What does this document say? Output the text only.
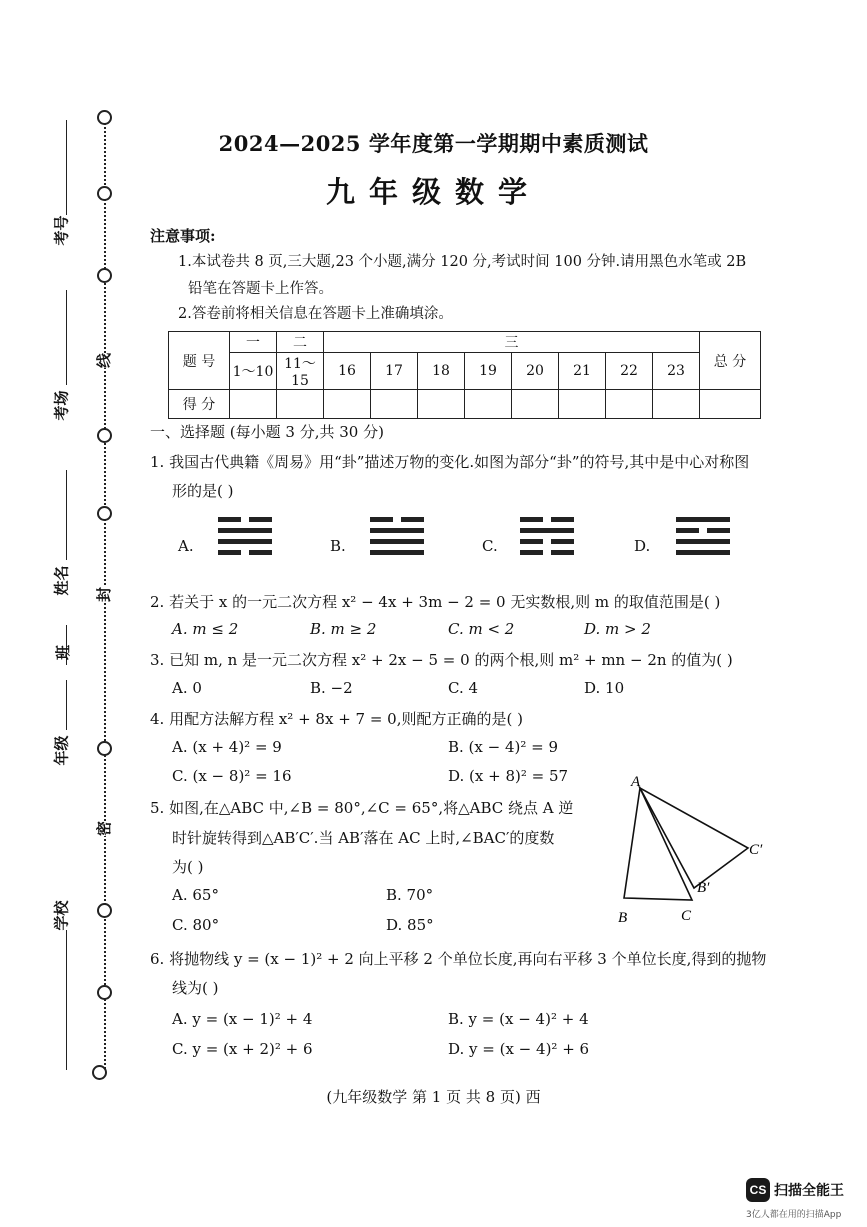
考号
考场
姓名
班
年级
学校
线
封
密
2024—2025 学年度第一学期期中素质测试
九年级数学
注意事项:
1.本试卷共 8 页,三大题,23 个小题,满分 120 分,考试时间 100 分钟.请用黑色水笔或 2B
铅笔在答题卡上作答。
2.答卷前将相关信息在答题卡上准确填涂。
题 号	一	二	三								总 分
	1～10	11～15	16	17	18	19	20	21	22	23	
得 分											
一、选择题 (每小题 3 分,共 30 分)
1. 我国古代典籍《周易》用“卦”描述万物的变化.如图为部分“卦”的符号,其中是中心对称图
形的是( )
A.	B.	C.	D.
2. 若关于 x 的一元二次方程 x² − 4x + 3m − 2 = 0 无实数根,则 m 的取值范围是( )
A. m ≤ 2	B. m ≥ 2	C. m < 2	D. m > 2
3. 已知 m, n 是一元二次方程 x² + 2x − 5 = 0 的两个根,则 m² + mn − 2n 的值为( )
A. 0	B. −2	C. 4	D. 10
4. 用配方法解方程 x² + 8x + 7 = 0,则配方正确的是( )
A. (x + 4)² = 9	B. (x − 4)² = 9
C. (x − 8)² = 16	D. (x + 8)² = 57
5. 如图,在△ABC 中,∠B = 80°,∠C = 65°,将△ABC 绕点 A 逆
时针旋转得到△AB′C′.当 AB′落在 AC 上时,∠BAC′的度数
为( )
A. 65°	B. 70°
C. 80°	D. 85°
A
B	C
B′
C′
6. 将抛物线 y = (x − 1)² + 2 向上平移 2 个单位长度,再向右平移 3 个单位长度,得到的抛物
线为( )
A. y = (x − 1)² + 4	B. y = (x − 4)² + 4
C. y = (x + 2)² + 6	D. y = (x − 4)² + 6
(九年级数学 第 1 页 共 8 页) 西
CS 扫描全能王
3亿人都在用的扫描App
